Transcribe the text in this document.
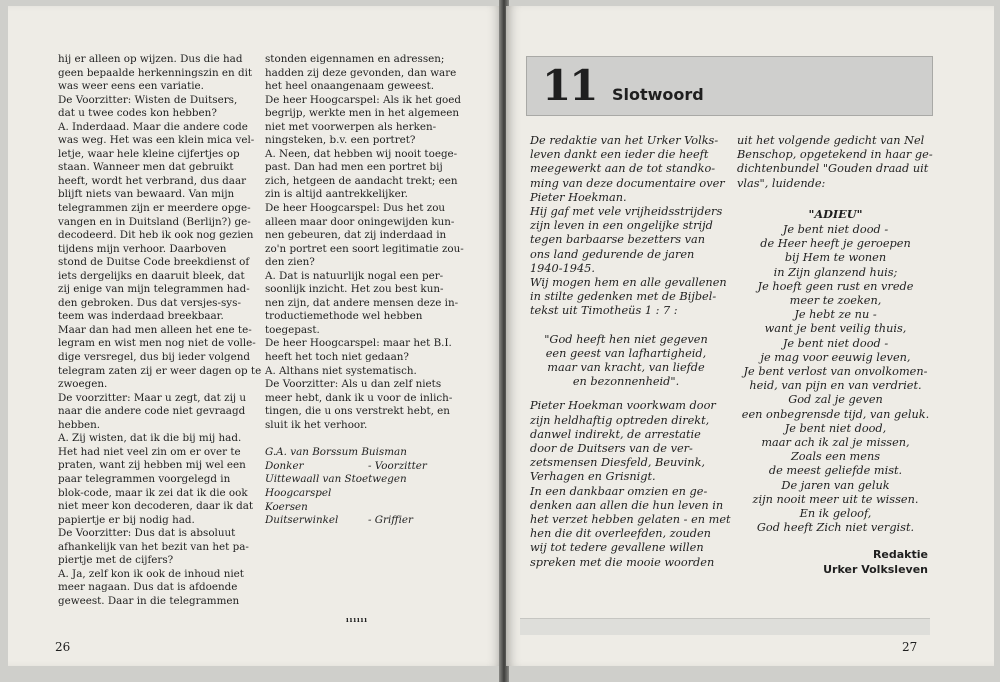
hij er alleen op wijzen. Dus die had

geen bepaalde herkenningszin en dit

was weer eens een variatie.

De Voorzitter: Wisten de Duitsers,

dat u twee codes kon hebben?

A. Inderdaad. Maar die andere code

was weg. Het was een klein mica vel-

letje, waar hele kleine cijfertjes op

staan. Wanneer men dat gebruikt

heeft, wordt het verbrand, dus daar

blijft niets van bewaard. Van mijn

telegrammen zijn er meerdere opge-

vangen en in Duitsland (Berlijn?) ge-

decodeerd. Dit heb ik ook nog gezien

tijdens mijn verhoor. Daarboven

stond de Duitse Code breekdienst of

iets dergelijks en daaruit bleek, dat

zij enige van mijn telegrammen had-

den gebroken. Dus dat versjes-sys-

teem was inderdaad breekbaar.

Maar dan had men alleen het ene te-

legram en wist men nog niet de volle-

dige versregel, dus bij ieder volgend

telegram zaten zij er weer dagen op te

zwoegen.

De voorzitter: Maar u zegt, dat zij u

naar die andere code niet gevraagd

hebben.

A. Zij wisten, dat ik die bij mij had.

Het had niet veel zin om er over te

praten, want zij hebben mij wel een

paar telegrammen voorgelegd in

blok-code, maar ik zei dat ik die ook

niet meer kon decoderen, daar ik dat

papiertje er bij nodig had.

De Voorzitter: Dus dat is absoluut

afhankelijk van het bezit van het pa-

piertje met de cijfers?

A. Ja, zelf kon ik ook de inhoud niet

meer nagaan. Dus dat is afdoende

geweest. Daar in die telegrammen

stonden eigennamen en adressen;

hadden zij deze gevonden, dan ware

het heel onaangenaam geweest.

De heer Hoogcarspel: Als ik het goed

begrijp, werkte men in het algemeen

niet met voorwerpen als herken-

ningsteken, b.v. een portret?

A. Neen, dat hebben wij nooit toege-

past. Dan had men een portret bij

zich, hetgeen de aandacht trekt; een

zin is altijd aantrekkelijker.

De heer Hoogcarspel: Dus het zou

alleen maar door oningewijden kun-

nen gebeuren, dat zij inderdaad in

zo'n portret een soort legitimatie zou-

den zien?

A. Dat is natuurlijk nogal een per-

soonlijk inzicht. Het zou best kun-

nen zijn, dat andere mensen deze in-

troductiemethode wel hebben

toegepast.

De heer Hoogcarspel: maar het B.I.

heeft het toch niet gedaan?

A. Althans niet systematisch.

De Voorzitter: Als u dan zelf niets

meer hebt, dank ik u voor de inlich-

tingen, die u ons verstrekt hebt, en

sluit ik het verhoor.

G.A. van Borssum Buisman
Donker	- Voorzitter
Uittewaall van Stoetwegen
Hoogcarspel
Koersen
Duitserwinkel	- Griffier
ıııııı
26
11 Slotwoord

De redaktie van het Urker Volks-

leven dankt een ieder die heeft

meegewerkt aan de tot standko-

ming van deze documentaire over

Pieter Hoekman.

Hij gaf met vele vrijheidsstrijders

zijn leven in een ongelijke strijd

tegen barbaarse bezetters van

ons land gedurende de jaren

1940-1945.

Wij mogen hem en alle gevallenen

in stilte gedenken met de Bijbel-

tekst uit Timotheüs 1 : 7 :

"God heeft hen niet gegeven

een geest van lafhartigheid,

maar van kracht, van liefde

en bezonnenheid".

Pieter Hoekman voorkwam door

zijn heldhaftig optreden direkt,

danwel indirekt, de arrestatie

door de Duitsers van de ver-

zetsmensen Diesfeld, Beuvink,

Verhagen en Grisnigt.

In een dankbaar omzien en ge-

denken aan allen die hun leven in

het verzet hebben gelaten - en met

hen die dit overleefden, zouden

wij tot tedere gevallene willen

spreken met die mooie woorden

uit het volgende gedicht van Nel

Benschop, opgetekend in haar ge-

dichtenbundel "Gouden draad uit

vlas", luidende:

"ADIEU"

Je bent niet dood -

de Heer heeft je geroepen

bij Hem te wonen

in Zijn glanzend huis;

Je hoeft geen rust en vrede

meer te zoeken,

Je hebt ze nu -

want je bent veilig thuis,

Je bent niet dood -

je mag voor eeuwig leven,

Je bent verlost van onvolkomen-

heid, van pijn en van verdriet.

God zal je geven

een onbegrensde tijd, van geluk.

Je bent niet dood,

maar ach ik zal je missen,

Zoals een mens

de meest geliefde mist.

De jaren van geluk

zijn nooit meer uit te wissen.

En ik geloof,

God heeft Zich niet vergist.

Redaktie

Urker Volksleven

27
